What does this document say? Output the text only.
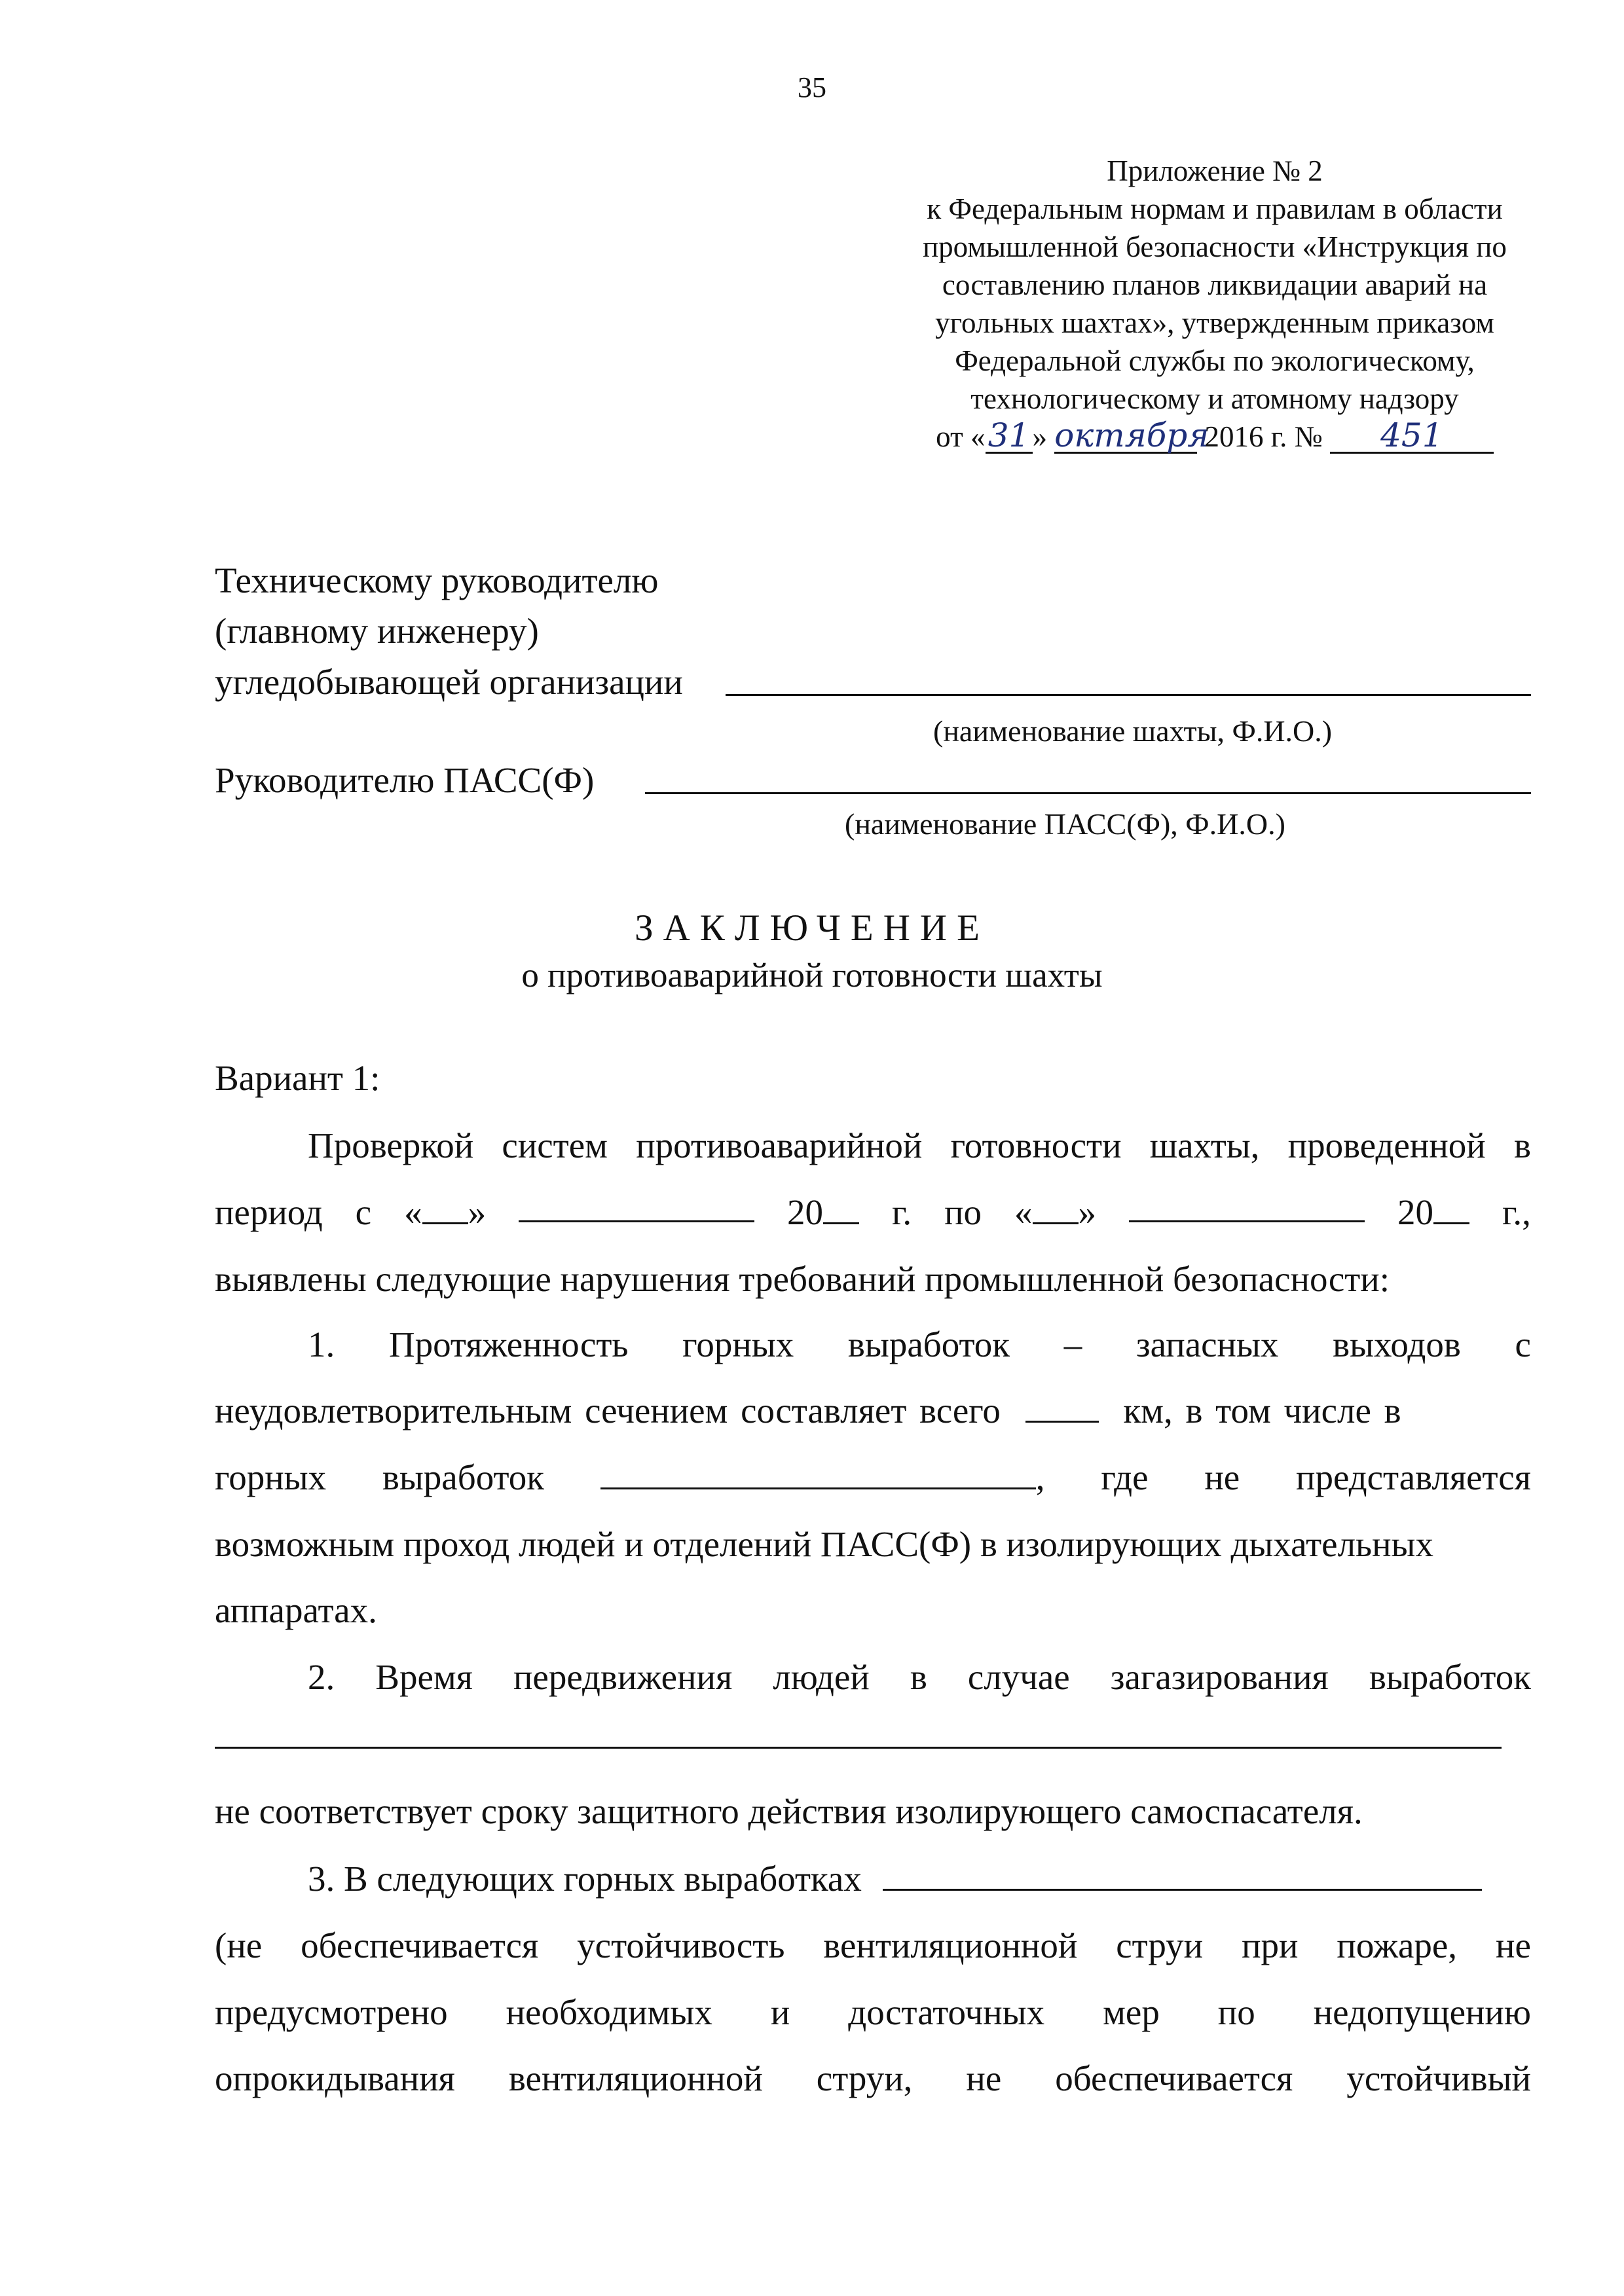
35
Приложение № 2
к Федеральным нормам и правилам в области
промышленной безопасности «Инструкция по
составлению планов ликвидации аварий на
угольных шахтах», утвержденным приказом
Федеральной службы по экологическому,
технологическому и атомному надзору
от «31» октября 2016 г. № 451
Техническому руководителю
(главному инженеру)
угледобывающей организации
(наименование шахты, Ф.И.О.)
Руководителю ПАСС(Ф)
(наименование ПАСС(Ф), Ф.И.О.)
ЗАКЛЮЧЕНИЕ
о противоаварийной готовности шахты
Вариант 1:
Проверкой систем противоаварийной готовности шахты, проведенной в
период с « »	20	г. по « »	20	г.,
выявлены следующие нарушения требований промышленной безопасности:
1. Протяженность горных выработок – запасных выходов с
неудовлетворительным сечением составляет всего	км, в том числе в
горных выработок	, где не представляется
возможным проход людей и отделений ПАСС(Ф) в изолирующих дыхательных
аппаратах.
2. Время передвижения людей в случае загазирования выработок
не соответствует сроку защитного действия изолирующего самоспасателя.
3. В следующих горных выработках
(не обеспечивается устойчивость вентиляционной струи при пожаре, не
предусмотрено необходимых и достаточных мер по недопущению
опрокидывания вентиляционной струи, не обеспечивается устойчивый
